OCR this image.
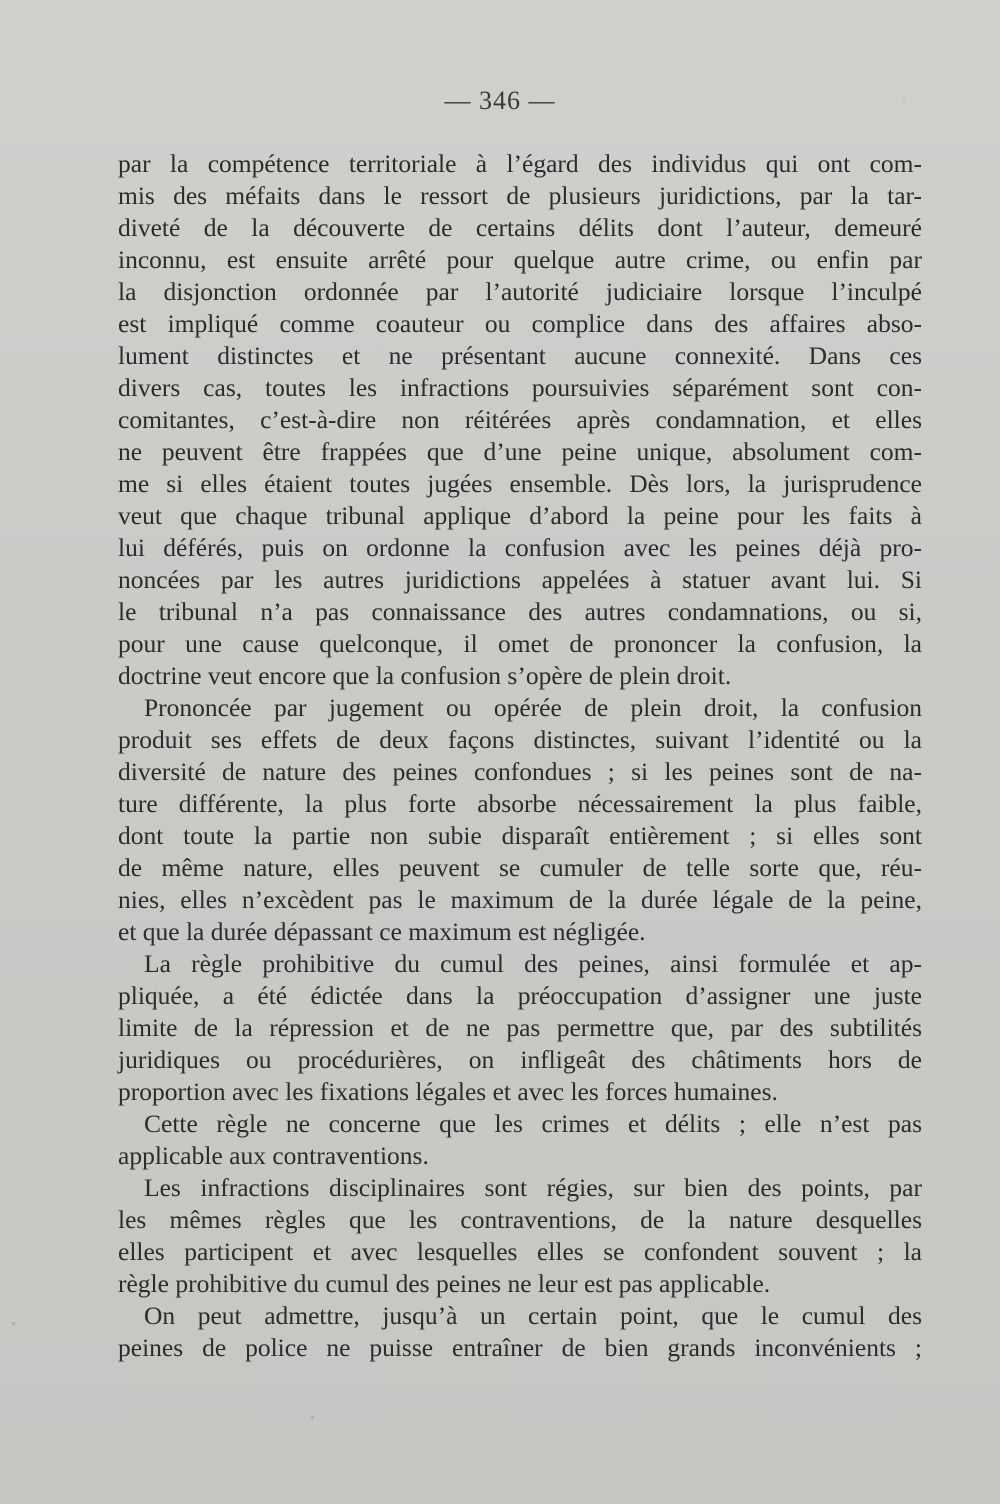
— 346 —
par la compétence territoriale à l’égard des individus qui ont com-
mis des méfaits dans le ressort de plusieurs juridictions, par la tar-
diveté de la découverte de certains délits dont l’auteur, demeuré
inconnu, est ensuite arrêté pour quelque autre crime, ou enfin par
la disjonction ordonnée par l’autorité judiciaire lorsque l’inculpé
est impliqué comme coauteur ou complice dans des affaires abso-
lument distinctes et ne présentant aucune connexité. Dans ces
divers cas, toutes les infractions poursuivies séparément sont con-
comitantes, c’est-à-dire non réitérées après condamnation, et elles
ne peuvent être frappées que d’une peine unique, absolument com-
me si elles étaient toutes jugées ensemble. Dès lors, la jurisprudence
veut que chaque tribunal applique d’abord la peine pour les faits à
lui déférés, puis on ordonne la confusion avec les peines déjà pro-
noncées par les autres juridictions appelées à statuer avant lui. Si
le tribunal n’a pas connaissance des autres condamnations, ou si,
pour une cause quelconque, il omet de prononcer la confusion, la
doctrine veut encore que la confusion s’opère de plein droit.
Prononcée par jugement ou opérée de plein droit, la confusion
produit ses effets de deux façons distinctes, suivant l’identité ou la
diversité de nature des peines confondues ; si les peines sont de na-
ture différente, la plus forte absorbe nécessairement la plus faible,
dont toute la partie non subie disparaît entièrement ; si elles sont
de même nature, elles peuvent se cumuler de telle sorte que, réu-
nies, elles n’excèdent pas le maximum de la durée légale de la peine,
et que la durée dépassant ce maximum est négligée.
La règle prohibitive du cumul des peines, ainsi formulée et ap-
pliquée, a été édictée dans la préoccupation d’assigner une juste
limite de la répression et de ne pas permettre que, par des subtilités
juridiques ou procédurières, on infligeât des châtiments hors de
proportion avec les fixations légales et avec les forces humaines.
Cette règle ne concerne que les crimes et délits ; elle n’est pas
applicable aux contraventions.
Les infractions disciplinaires sont régies, sur bien des points, par
les mêmes règles que les contraventions, de la nature desquelles
elles participent et avec lesquelles elles se confondent souvent ; la
règle prohibitive du cumul des peines ne leur est pas applicable.
On peut admettre, jusqu’à un certain point, que le cumul des
peines de police ne puisse entraîner de bien grands inconvénients ;
